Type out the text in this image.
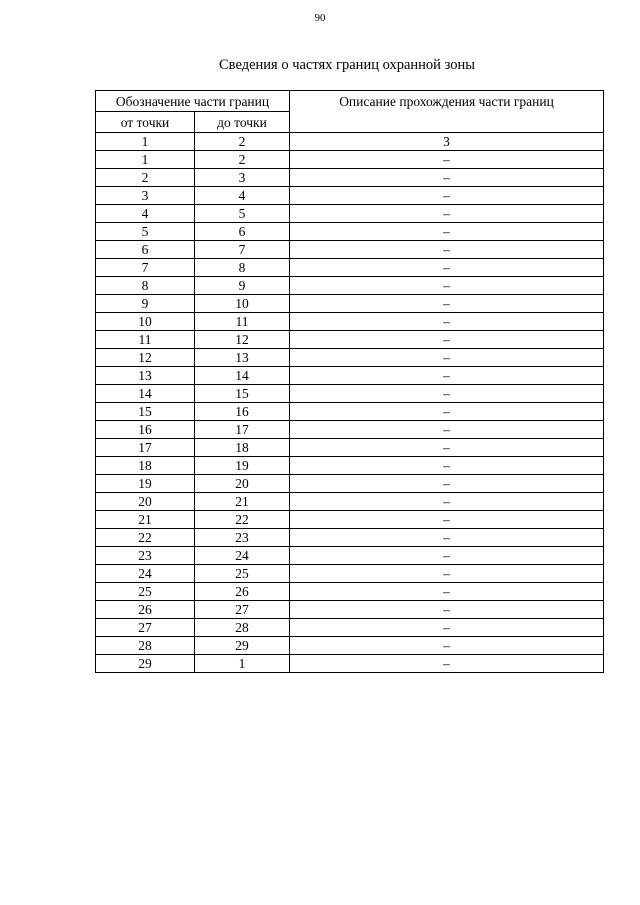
90
Сведения о частях границ охранной зоны
Обозначение части границ		Описание прохождения части границ
от точки	до точки	
1	2	3
1	2	–
2	3	–
3	4	–
4	5	–
5	6	–
6	7	–
7	8	–
8	9	–
9	10	–
10	11	–
11	12	–
12	13	–
13	14	–
14	15	–
15	16	–
16	17	–
17	18	–
18	19	–
19	20	–
20	21	–
21	22	–
22	23	–
23	24	–
24	25	–
25	26	–
26	27	–
27	28	–
28	29	–
29	1	–
